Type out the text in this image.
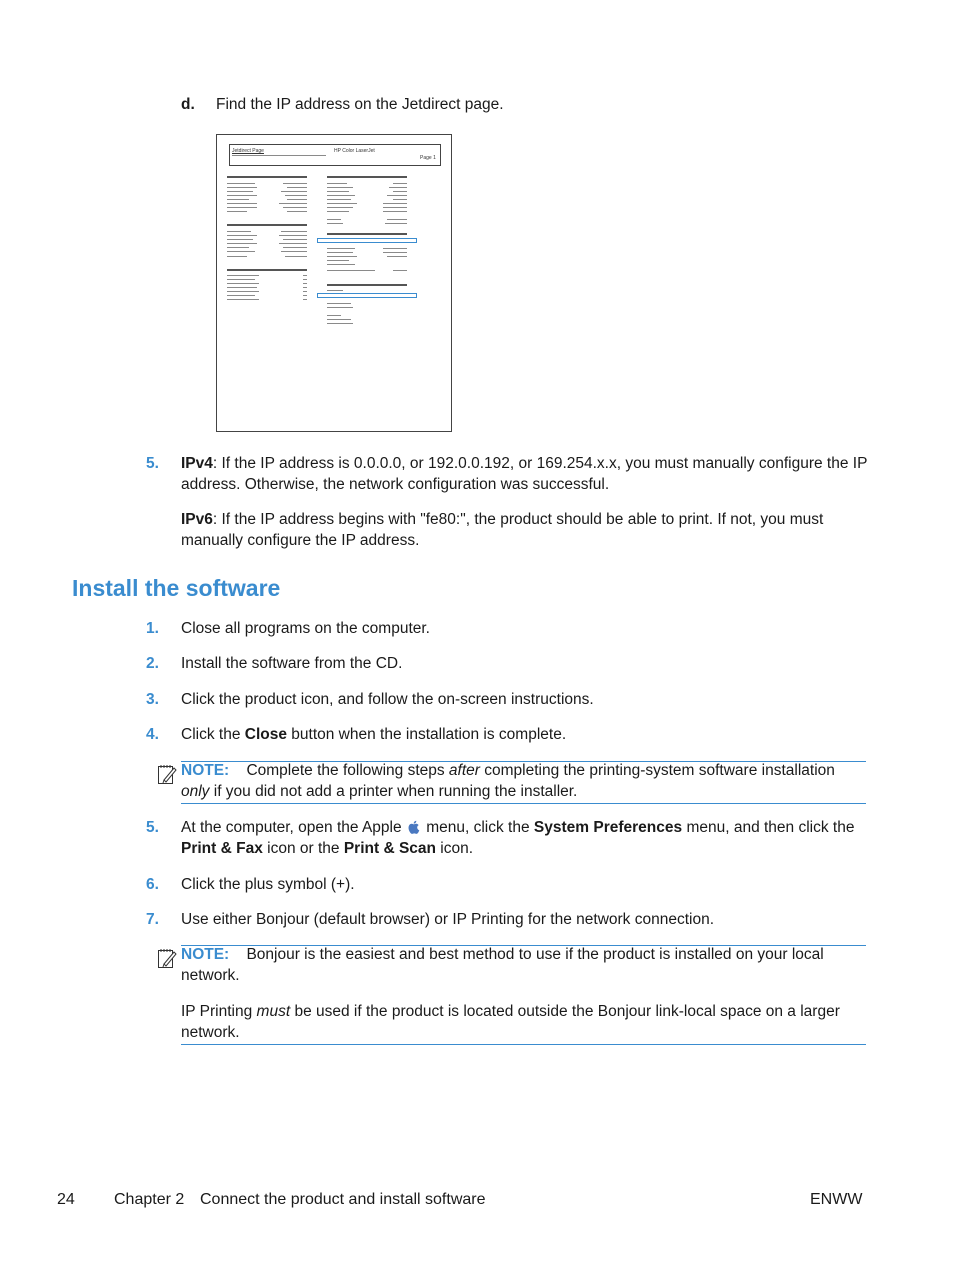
d. Find the IP address on the Jetdirect page.
Jetdirect Page	HP Color LaserJet
Page 1
5. IPv4: If the IP address is 0.0.0.0, or 192.0.0.192, or 169.254.x.x, you must manually configure the IP address. Otherwise, the network configuration was successful.
IPv6: If the IP address begins with "fe80:", the product should be able to print. If not, you must manually configure the IP address.
Install the software
1. Close all programs on the computer.
2. Install the software from the CD.
3. Click the product icon, and follow the on-screen instructions.
4. Click the Close button when the installation is complete.
NOTE: Complete the following steps after completing the printing-system software installation only if you did not add a printer when running the installer.
5. At the computer, open the Apple  menu, click the System Preferences menu, and then click the Print & Fax icon or the Print & Scan icon.
6. Click the plus symbol (+).
7. Use either Bonjour (default browser) or IP Printing for the network connection.
NOTE: Bonjour is the easiest and best method to use if the product is installed on your local network.
IP Printing must be used if the product is located outside the Bonjour link-local space on a larger network.
24 Chapter 2 Connect the product and install software	ENWW
